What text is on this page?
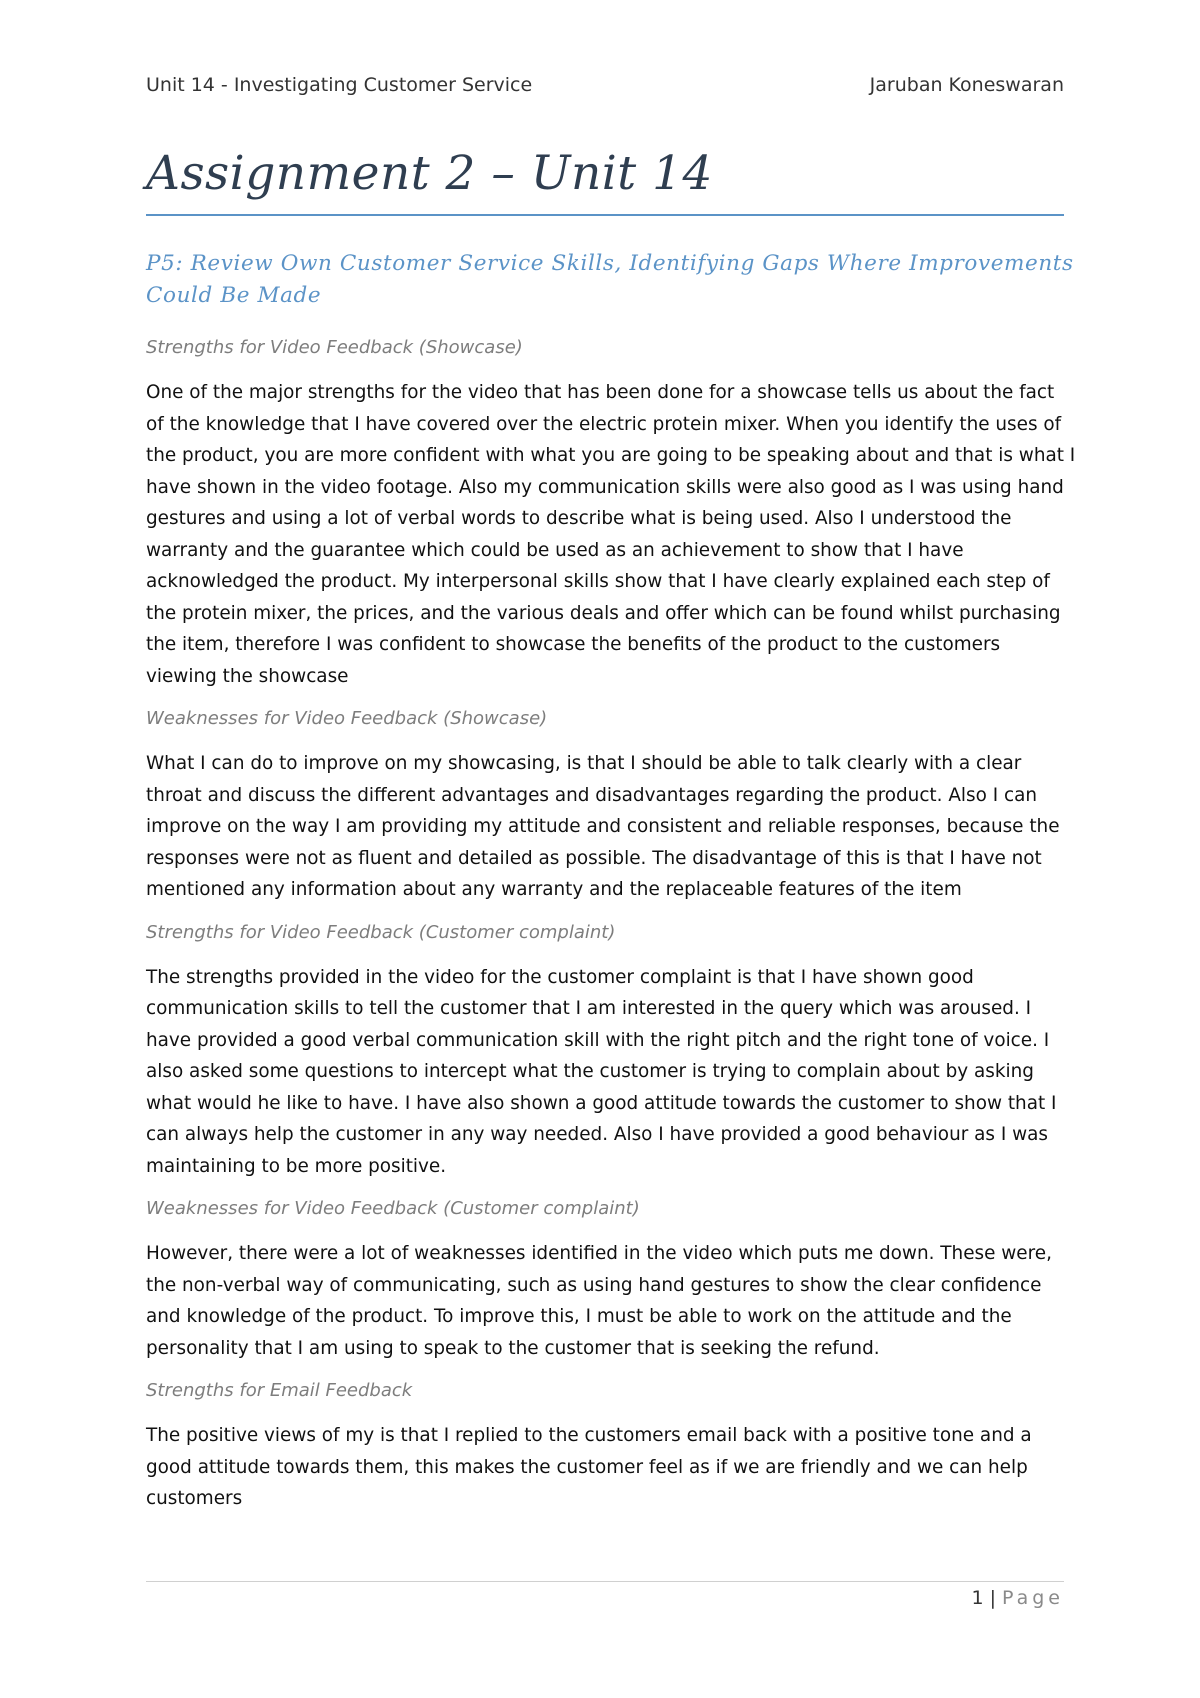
Unit 14 - Investigating Customer Service	Jaruban Koneswaran
Assignment 2 – Unit 14
P5: Review Own Customer Service Skills, Identifying Gaps Where Improvements Could Be Made
Strengths for Video Feedback (Showcase)

One of the major strengths for the video that has been done for a showcase tells us about the fact of the knowledge that I have covered over the electric protein mixer. When you identify the uses of the product, you are more confident with what you are going to be speaking about and that is what I have shown in the video footage. Also my communication skills were also good as I was using hand gestures and using a lot of verbal words to describe what is being used. Also I understood the warranty and the guarantee which could be used as an achievement to show that I have acknowledged the product. My interpersonal skills show that I have clearly explained each step of the protein mixer, the prices, and the various deals and offer which can be found whilst purchasing the item, therefore I was confident to showcase the benefits of the product to the customers viewing the showcase

Weaknesses for Video Feedback (Showcase)

What I can do to improve on my showcasing, is that I should be able to talk clearly with a clear throat and discuss the different advantages and disadvantages regarding the product. Also I can improve on the way I am providing my attitude and consistent and reliable responses, because the responses were not as fluent and detailed as possible. The disadvantage of this is that I have not mentioned any information about any warranty and the replaceable features of the item

Strengths for Video Feedback (Customer complaint)

The strengths provided in the video for the customer complaint is that I have shown good communication skills to tell the customer that I am interested in the query which was aroused. I have provided a good verbal communication skill with the right pitch and the right tone of voice. I also asked some questions to intercept what the customer is trying to complain about by asking what would he like to have. I have also shown a good attitude towards the customer to show that I can always help the customer in any way needed. Also I have provided a good behaviour as I was maintaining to be more positive.

Weaknesses for Video Feedback (Customer complaint)

However, there were a lot of weaknesses identified in the video which puts me down. These were, the non-verbal way of communicating, such as using hand gestures to show the clear confidence and knowledge of the product. To improve this, I must be able to work on the attitude and the personality that I am using to speak to the customer that is seeking the refund.

Strengths for Email Feedback

The positive views of my is that I replied to the customers email back with a positive tone and a good attitude towards them, this makes the customer feel as if we are friendly and we can help customers

1 | Page
